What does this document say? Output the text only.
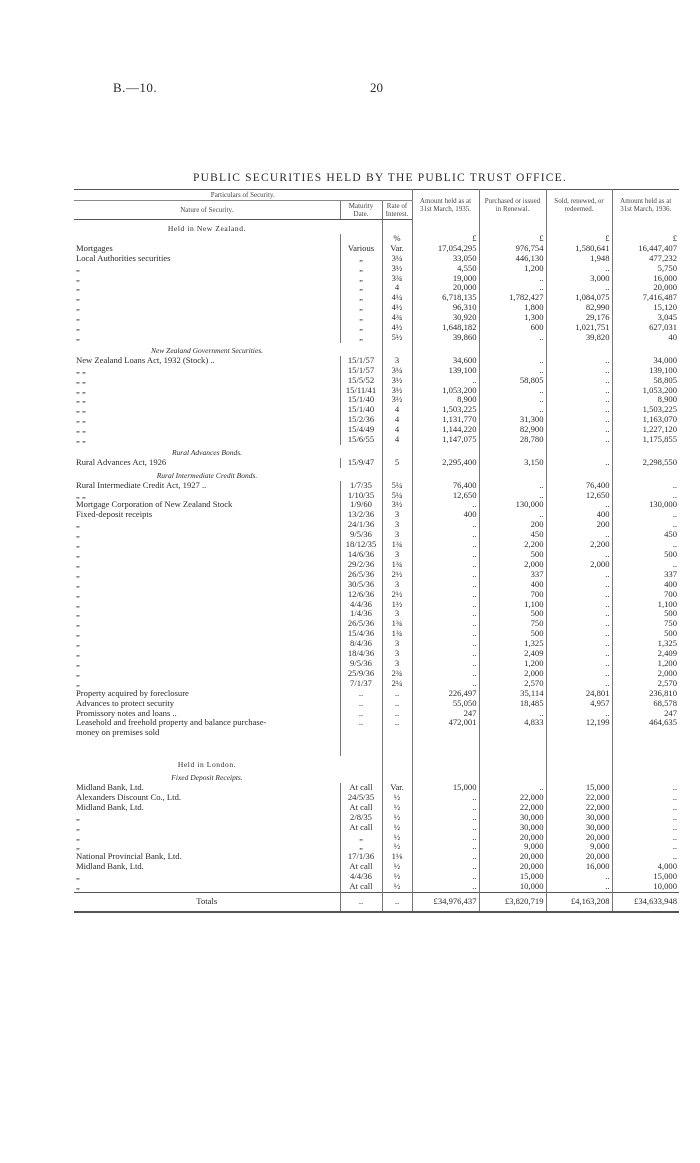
B.—10.	20
PUBLIC SECURITIES HELD BY THE PUBLIC TRUST OFFICE.
Particulars of Security.			Amount held as at 31st March, 1935.	Purchased or issued in Renewal.	Sold, renewed, or redeemed.	Amount held as at 31st March, 1936.
Nature of Security.	Maturity Date.	Rate of Interest.				
Held in New Zealand.						
		%	£	£	£	£
Mortgages	Various	Var.	17,054,295	976,754	1,580,641	16,447,407
Local Authorities securities	„	3¼	33,050	446,130	1,948	477,232
„	„	3½	4,550	1,200	..	5,750
„	„	3¾	19,000	..	3,000	16,000
„	„	4	20,000	..	..	20,000
„	„	4¼	6,718,135	1,782,427	1,084,075	7,416,487
„	„	4½	96,310	1,800	82,990	15,120
„	„	4¾	30,920	1,300	29,176	3,045
„	„	4½	1,648,182	600	1,021,751	627,031
„	„	5½	39,860	..	39,820	40
New Zealand Government Securities.						
New Zealand Loans Act, 1932 (Stock) ..	15/1/57	3	34,600	..	..	34,000
„ „	15/1/57	3¼	139,100	..	..	139,100
„ „	15/5/52	3½	..	58,805	..	58,805
„ „	15/11/41	3½	1,053,200	..	..	1,053,200
„ „	15/1/40	3½	8,900	..	..	8,900
„ „	15/1/40	4	1,503,225	..	..	1,503,225
„ „	15/2/36	4	1,131,770	31,300	..	1,163,070
„ „	15/4/49	4	1,144,220	82,900	..	1,227,120
„ „	15/6/55	4	1,147,075	28,780	..	1,175,855
Rural Advances Bonds.						
Rural Advances Act, 1926	15/9/47	5	2,295,400	3,150	..	2,298,550
Rural Intermediate Credit Bonds.						
Rural Intermediate Credit Act, 1927 ..	1/7/35	5¼	76,400	..	76,400	..
„ „	1/10/35	5¼	12,650	..	12,650	..
Mortgage Corporation of New Zealand Stock	1/9/60	3½	..	130,000	..	130,000
Fixed-deposit receipts	13/2/36	3	400	..	400	..
„	24/1/36	3	..	200	200	..
„	9/5/36	3	..	450	..	450
„	18/12/35	1¾	..	2,200	2,200	..
„	14/6/36	3	..	500	..	500
„	29/2/36	1¾	..	2,000	2,000	..
„	26/5/36	2½	..	337	..	337
„	30/5/36	3	..	400	..	400
„	12/6/36	2½	..	700	..	700
„	4/4/36	1½	..	1,100	..	1,100
„	1/4/36	3	..	500	..	500
„	26/5/36	1¾	..	750	..	750
„	15/4/36	1¾	..	500	..	500
„	8/4/36	3	..	1,325	..	1,325
„	18/4/36	3	..	2,409	..	2,409
„	9/5/36	3	..	1,200	..	1,200
„	25/9/36	2¾	..	2,000	..	2,000
„	7/1/37	2¼	..	2,570	..	2,570
Property acquired by foreclosure	..	..	226,497	35,114	24,801	236,810
Advances to protect security	..	..	55,050	18,485	4,957	68,578
Promissory notes and loans ..	..	..	247	..	..	247
Leasehold and freehold property and balance purchase-	..	..	472,001	4,833	12,199	464,635
money on premises sold						

Held in London.						
Fixed Deposit Receipts.						
Midland Bank, Ltd.	At call	Var.	15,000	..	15,000	..
Alexanders Discount Co., Ltd.	24/5/35	½	..	22,000	22,000	..
Midland Bank, Ltd.	At call	½	..	22,000	22,000	..
„	2/8/35	½	..	30,000	30,000	..
„	At call	½	..	30,000	30,000	..
„	„	½	..	20,000	20,000	..
„	„	½	..	9,000	9,000	..
National Provincial Bank, Ltd.	17/1/36	1⅛	..	20,000	20,000	..
Midland Bank, Ltd.	At call	½	..	20,000	16,000	4,000
„	4/4/36	½	..	15,000	..	15,000
„	At call	½	..	10,000	..	10,000
Totals	..	..	£34,976,437	£3,820,719	£4,163,208	£34,633,948
